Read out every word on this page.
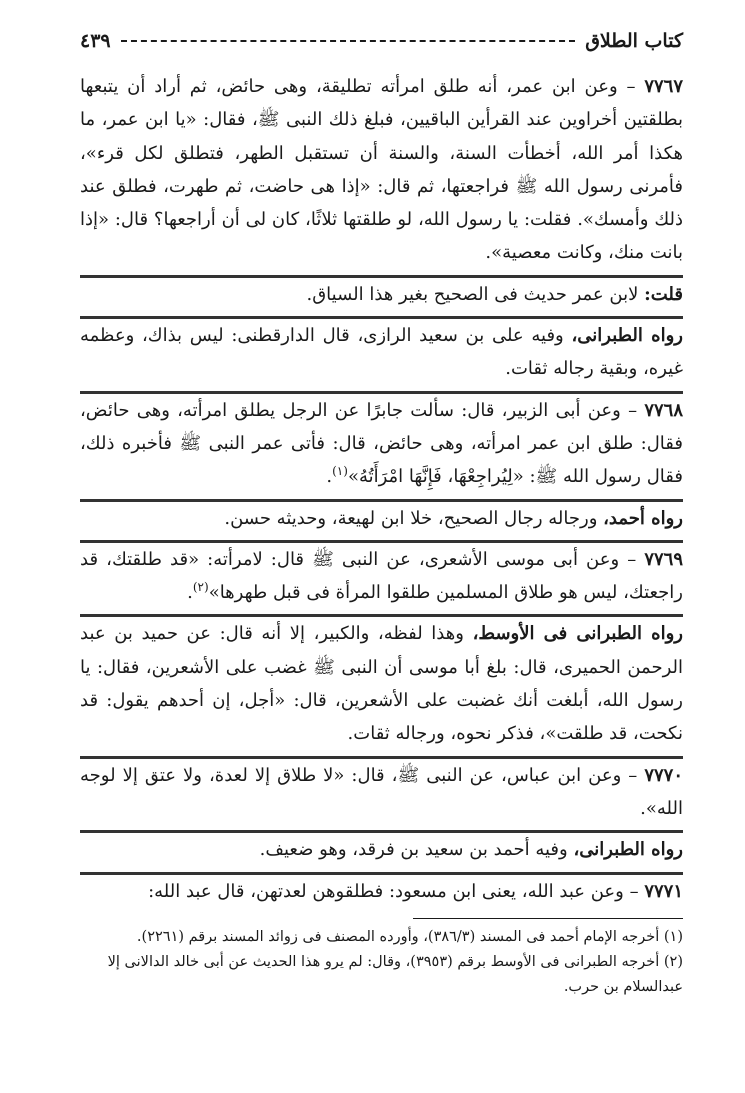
كتاب الطلاق
٤٣٩

٧٧٦٧ – وعن ابن عمر، أنه طلق امرأته تطليقة، وهى حائض، ثم أراد أن يتبعها بطلقتين أخراوين عند القرأين الباقيين، فبلغ ذلك النبى ﷺ، فقال: «يا ابن عمر، ما هكذا أمر الله، أخطأت السنة، والسنة أن تستقبل الطهر، فتطلق لكل قرء»، فأمرنى رسول الله ﷺ فراجعتها، ثم قال: «إذا هى حاضت، ثم طهرت، فطلق عند ذلك وأمسك». فقلت: يا رسول الله، لو طلقتها ثلاثًا، كان لى أن أراجعها؟ قال: «إذا بانت منك، وكانت معصية».

قلت: لابن عمر حديث فى الصحيح بغير هذا السياق.

رواه الطبرانى، وفيه على بن سعيد الرازى، قال الدارقطنى: ليس بذاك، وعظمه غيره، وبقية رجاله ثقات.

٧٧٦٨ – وعن أبى الزبير، قال: سألت جابرًا عن الرجل يطلق امرأته، وهى حائض، فقال: طلق ابن عمر امرأته، وهى حائض، قال: فأتى عمر النبى ﷺ فأخبره ذلك، فقال رسول الله ﷺ: «لِيُراجِعْهَا، فَإِنَّهَا امْرَأَتُهُ»$^{(١)}$.

رواه أحمد، ورجاله رجال الصحيح، خلا ابن لهيعة، وحديثه حسن.

٧٧٦٩ – وعن أبى موسى الأشعرى، عن النبى ﷺ قال: لامرأته: «قد طلقتك، قد راجعتك، ليس هو طلاق المسلمين طلقوا المرأة فى قبل طهرها»$^{(٢)}$.

رواه الطبرانى فى الأوسط، وهذا لفظه، والكبير، إلا أنه قال: عن حميد بن عبد الرحمن الحميرى، قال: بلغ أبا موسى أن النبى ﷺ غضب على الأشعرين، فقال: يا رسول الله، أبلغت أنك غضبت على الأشعرين، قال: «أجل، إن أحدهم يقول: قد نكحت، قد طلقت»، فذكر نحوه، ورجاله ثقات.

٧٧٧٠ – وعن ابن عباس، عن النبى ﷺ، قال: «لا طلاق إلا لعدة، ولا عتق إلا لوجه الله».

رواه الطبرانى، وفيه أحمد بن سعيد بن فرقد، وهو ضعيف.

٧٧٧١ – وعن عبد الله، يعنى ابن مسعود: فطلقوهن لعدتهن، قال عبد الله:

(١) أخرجه الإمام أحمد فى المسند (٣٨٦/٣)، وأورده المصنف فى زوائد المسند برقم (٢٢٦١).

(٢) أخرجه الطبرانى فى الأوسط برقم (٣٩٥٣)، وقال: لم يرو هذا الحديث عن أبى خالد الدالانى إلا عبدالسلام بن حرب.
